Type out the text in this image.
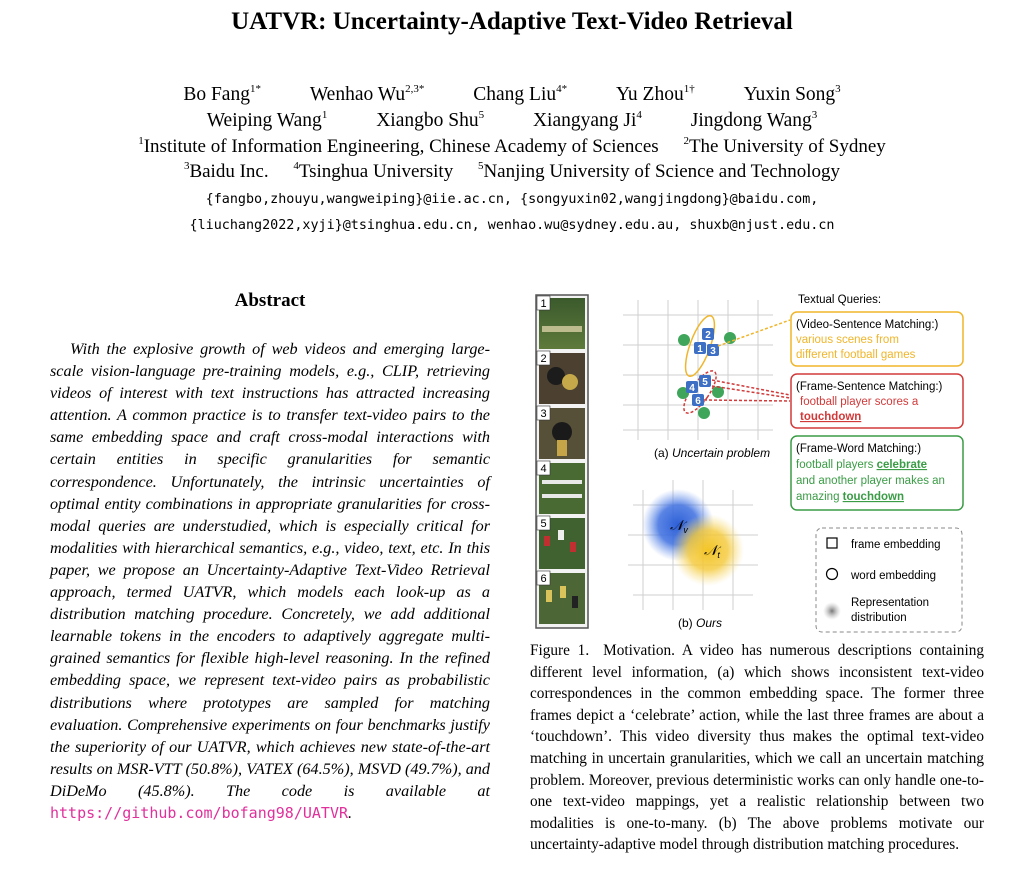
UATVR: Uncertainty-Adaptive Text-Video Retrieval
Bo Fang$^{1*}$	Wenhao $Wu^{2,3*}$	Chang Liu$^{4*}$	Yu Zhou$^{1\dagger}$	Yuxin Song$^3$
Weiping Wang$^1$	Xiangbo Shu$^5$	Xiangyang Ji$^4$	Jingdong Wang$^3$
$^1$Institute of Information Engineering, Chinese Academy of Sciences $^2$The University of Sydney
$^3$Baidu Inc. $^4$Tsinghua University $^5$Nanjing University of Science and Technology
{fangbo,zhouyu,wangweiping}@iie.ac.cn, {songyuxin02,wangjingdong}@baidu.com,
{liuchang2022,xyji}@tsinghua.edu.cn, wenhao.wu@sydney.edu.au, shuxb@njust.edu.cn
Abstract
With the explosive growth of web videos and emerging large-scale vision-language pre-training models, e.g., CLIP, retrieving videos of interest with text instructions has attracted increasing attention. A common practice is to transfer text-video pairs to the same embedding space and craft cross-modal interactions with certain entities in specific granularities for semantic correspondence. Unfortunately, the intrinsic uncertainties of optimal entity combinations in appropriate granularities for cross-modal queries are understudied, which is especially critical for modalities with hierarchical semantics, e.g., video, text, etc. In this paper, we propose an Uncertainty-Adaptive Text-Video Retrieval approach, termed UATVR, which models each look-up as a distribution matching procedure. Concretely, we add additional learnable tokens in the encoders to adaptively aggregate multi-grained semantics for flexible high-level reasoning. In the refined embedding space, we represent text-video pairs as probabilistic distributions where prototypes are sampled for matching evaluation. Comprehensive experiments on four benchmarks justify the superiority of our UATVR, which achieves new state-of-the-art results on MSR-VTT (50.8%), VATEX (64.5%), MSVD (49.7%), and DiDeMo (45.8%). The code is available at https://github.com/bofang98/UATVR.
1
2
3
4
5
6
2
1 3
5
4
6
(a) Uncertain problem
𝒩$_v$
𝒩$_t$
(b) Ours
Textual Queries:
(Video-Sentence Matching:)
various scenes from
different football games
(Frame-Sentence Matching:)
football player scores a
touchdown
(Frame-Word Matching:)
football players celebrate
and another player makes an
amazing touchdown
frame embedding
word embedding
Representation
distribution
Figure 1. Motivation. A video has numerous descriptions containing different level information, (a) which shows inconsistent text-video correspondences in the common embedding space. The former three frames depict a ‘celebrate’ action, while the last three frames are about a ‘touchdown’. This video diversity thus makes the optimal text-video matching in uncertain granularities, which we call an uncertain matching problem. Moreover, previous deterministic works can only handle one-to-one text-video mappings, yet a realistic relationship between two modalities is one-to-many. (b) The above problems motivate our uncertainty-adaptive model through distribution matching procedures.
